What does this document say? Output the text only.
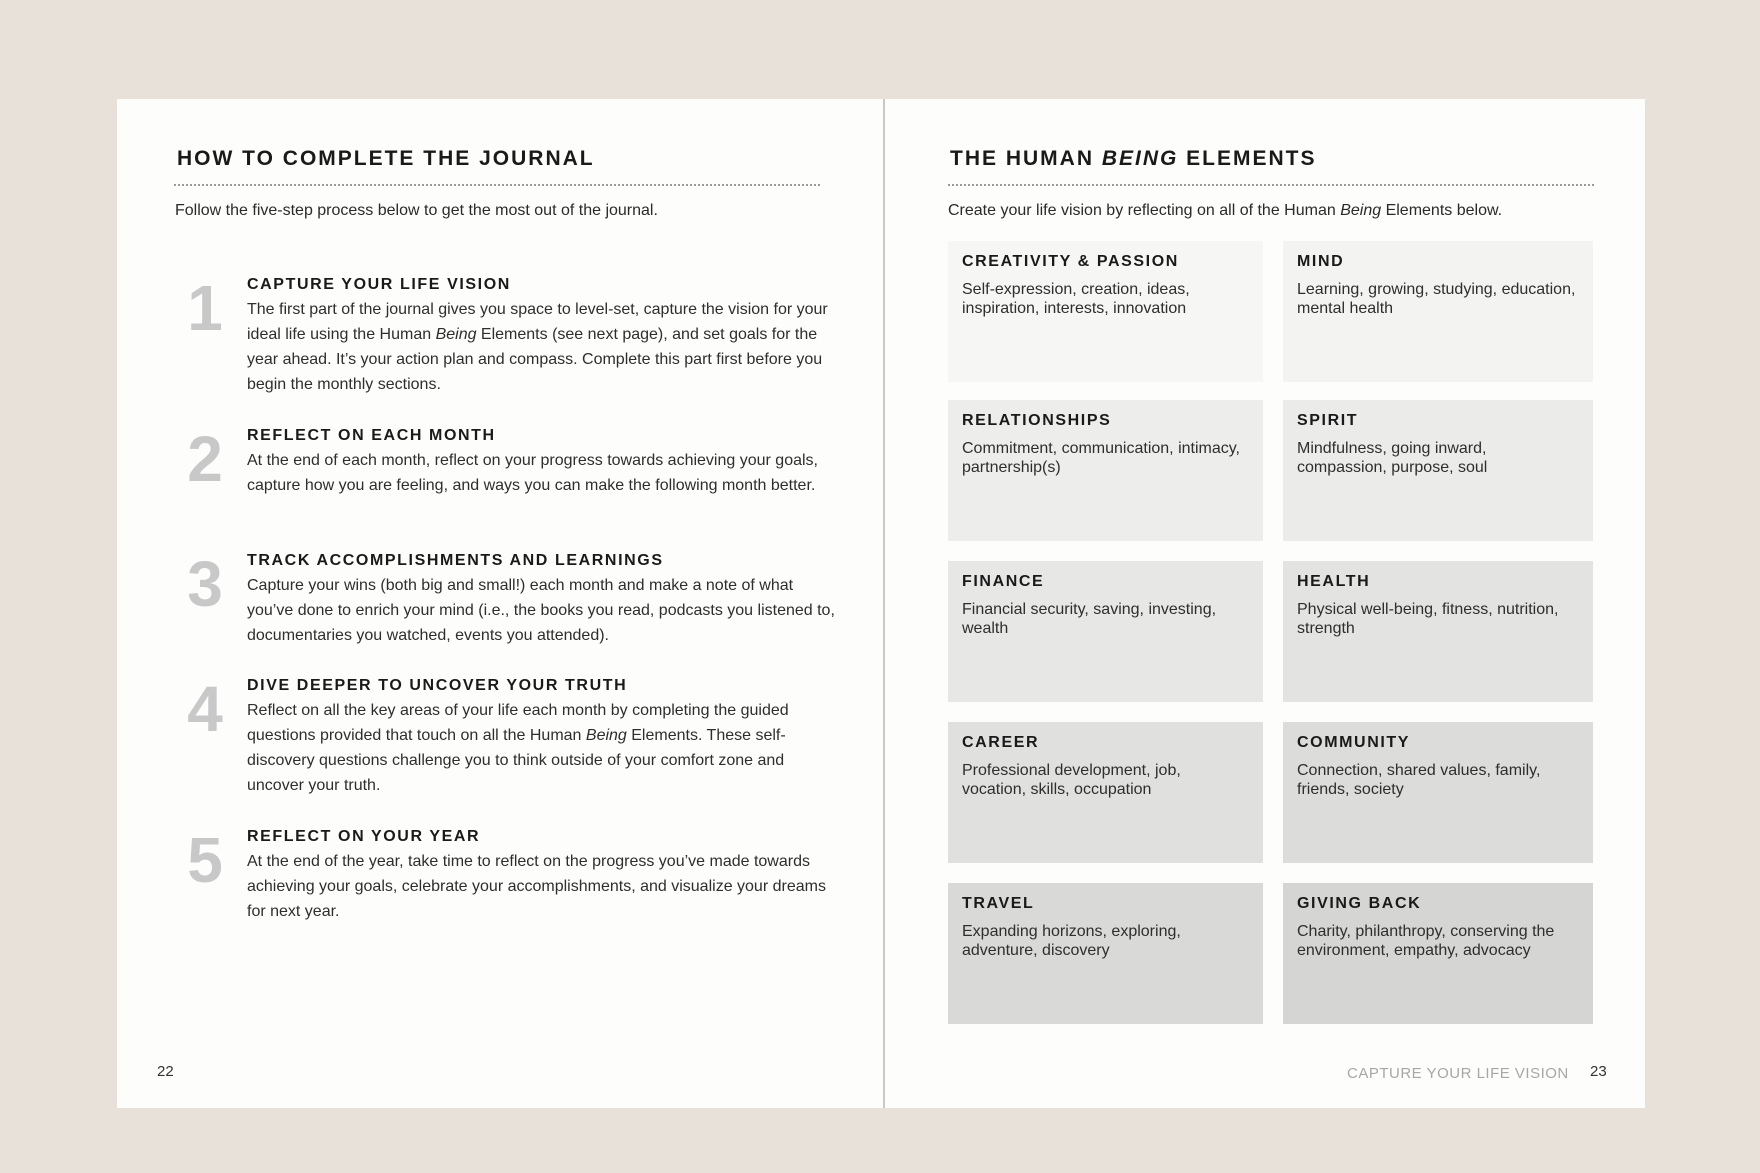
HOW TO COMPLETE THE JOURNAL

Follow the five-step process below to get the most out of the journal.

1	CAPTURE YOUR LIFE VISION
The first part of the journal gives you space to level-set, capture the vision for your ideal life using the Human Being Elements (see next page), and set goals for the year ahead. It’s your action plan and compass. Complete this part first before you begin the monthly sections.
2	REFLECT ON EACH MONTH
At the end of each month, reflect on your progress towards achieving your goals, capture how you are feeling, and ways you can make the following month better.
3	TRACK ACCOMPLISHMENTS AND LEARNINGS
Capture your wins (both big and small!) each month and make a note of what you’ve done to enrich your mind (i.e., the books you read, podcasts you listened to, documentaries you watched, events you attended).
4	DIVE DEEPER TO UNCOVER YOUR TRUTH
Reflect on all the key areas of your life each month by completing the guided questions provided that touch on all the Human Being Elements. These self-discovery questions challenge you to think outside of your comfort zone and uncover your truth.
5	REFLECT ON YOUR YEAR
At the end of the year, take time to reflect on the progress you’ve made towards achieving your goals, celebrate your accomplishments, and visualize your dreams for next year.
22
THE HUMAN BEING ELEMENTS

Create your life vision by reflecting on all of the Human Being Elements below.

CREATIVITY & PASSION

Self-expression, creation, ideas, inspiration, interests, innovation

MIND

Learning, growing, studying, education, mental health

RELATIONSHIPS

Commitment, communication, intimacy, partnership(s)

SPIRIT

Mindfulness, going inward, compassion, purpose, soul

FINANCE

Financial security, saving, investing, wealth

HEALTH

Physical well-being, fitness, nutrition, strength

CAREER

Professional development, job, vocation, skills, occupation

COMMUNITY

Connection, shared values, family, friends, society

TRAVEL

Expanding horizons, exploring, adventure, discovery

GIVING BACK

Charity, philanthropy, conserving the environment, empathy, advocacy

CAPTURE YOUR LIFE VISION 23
